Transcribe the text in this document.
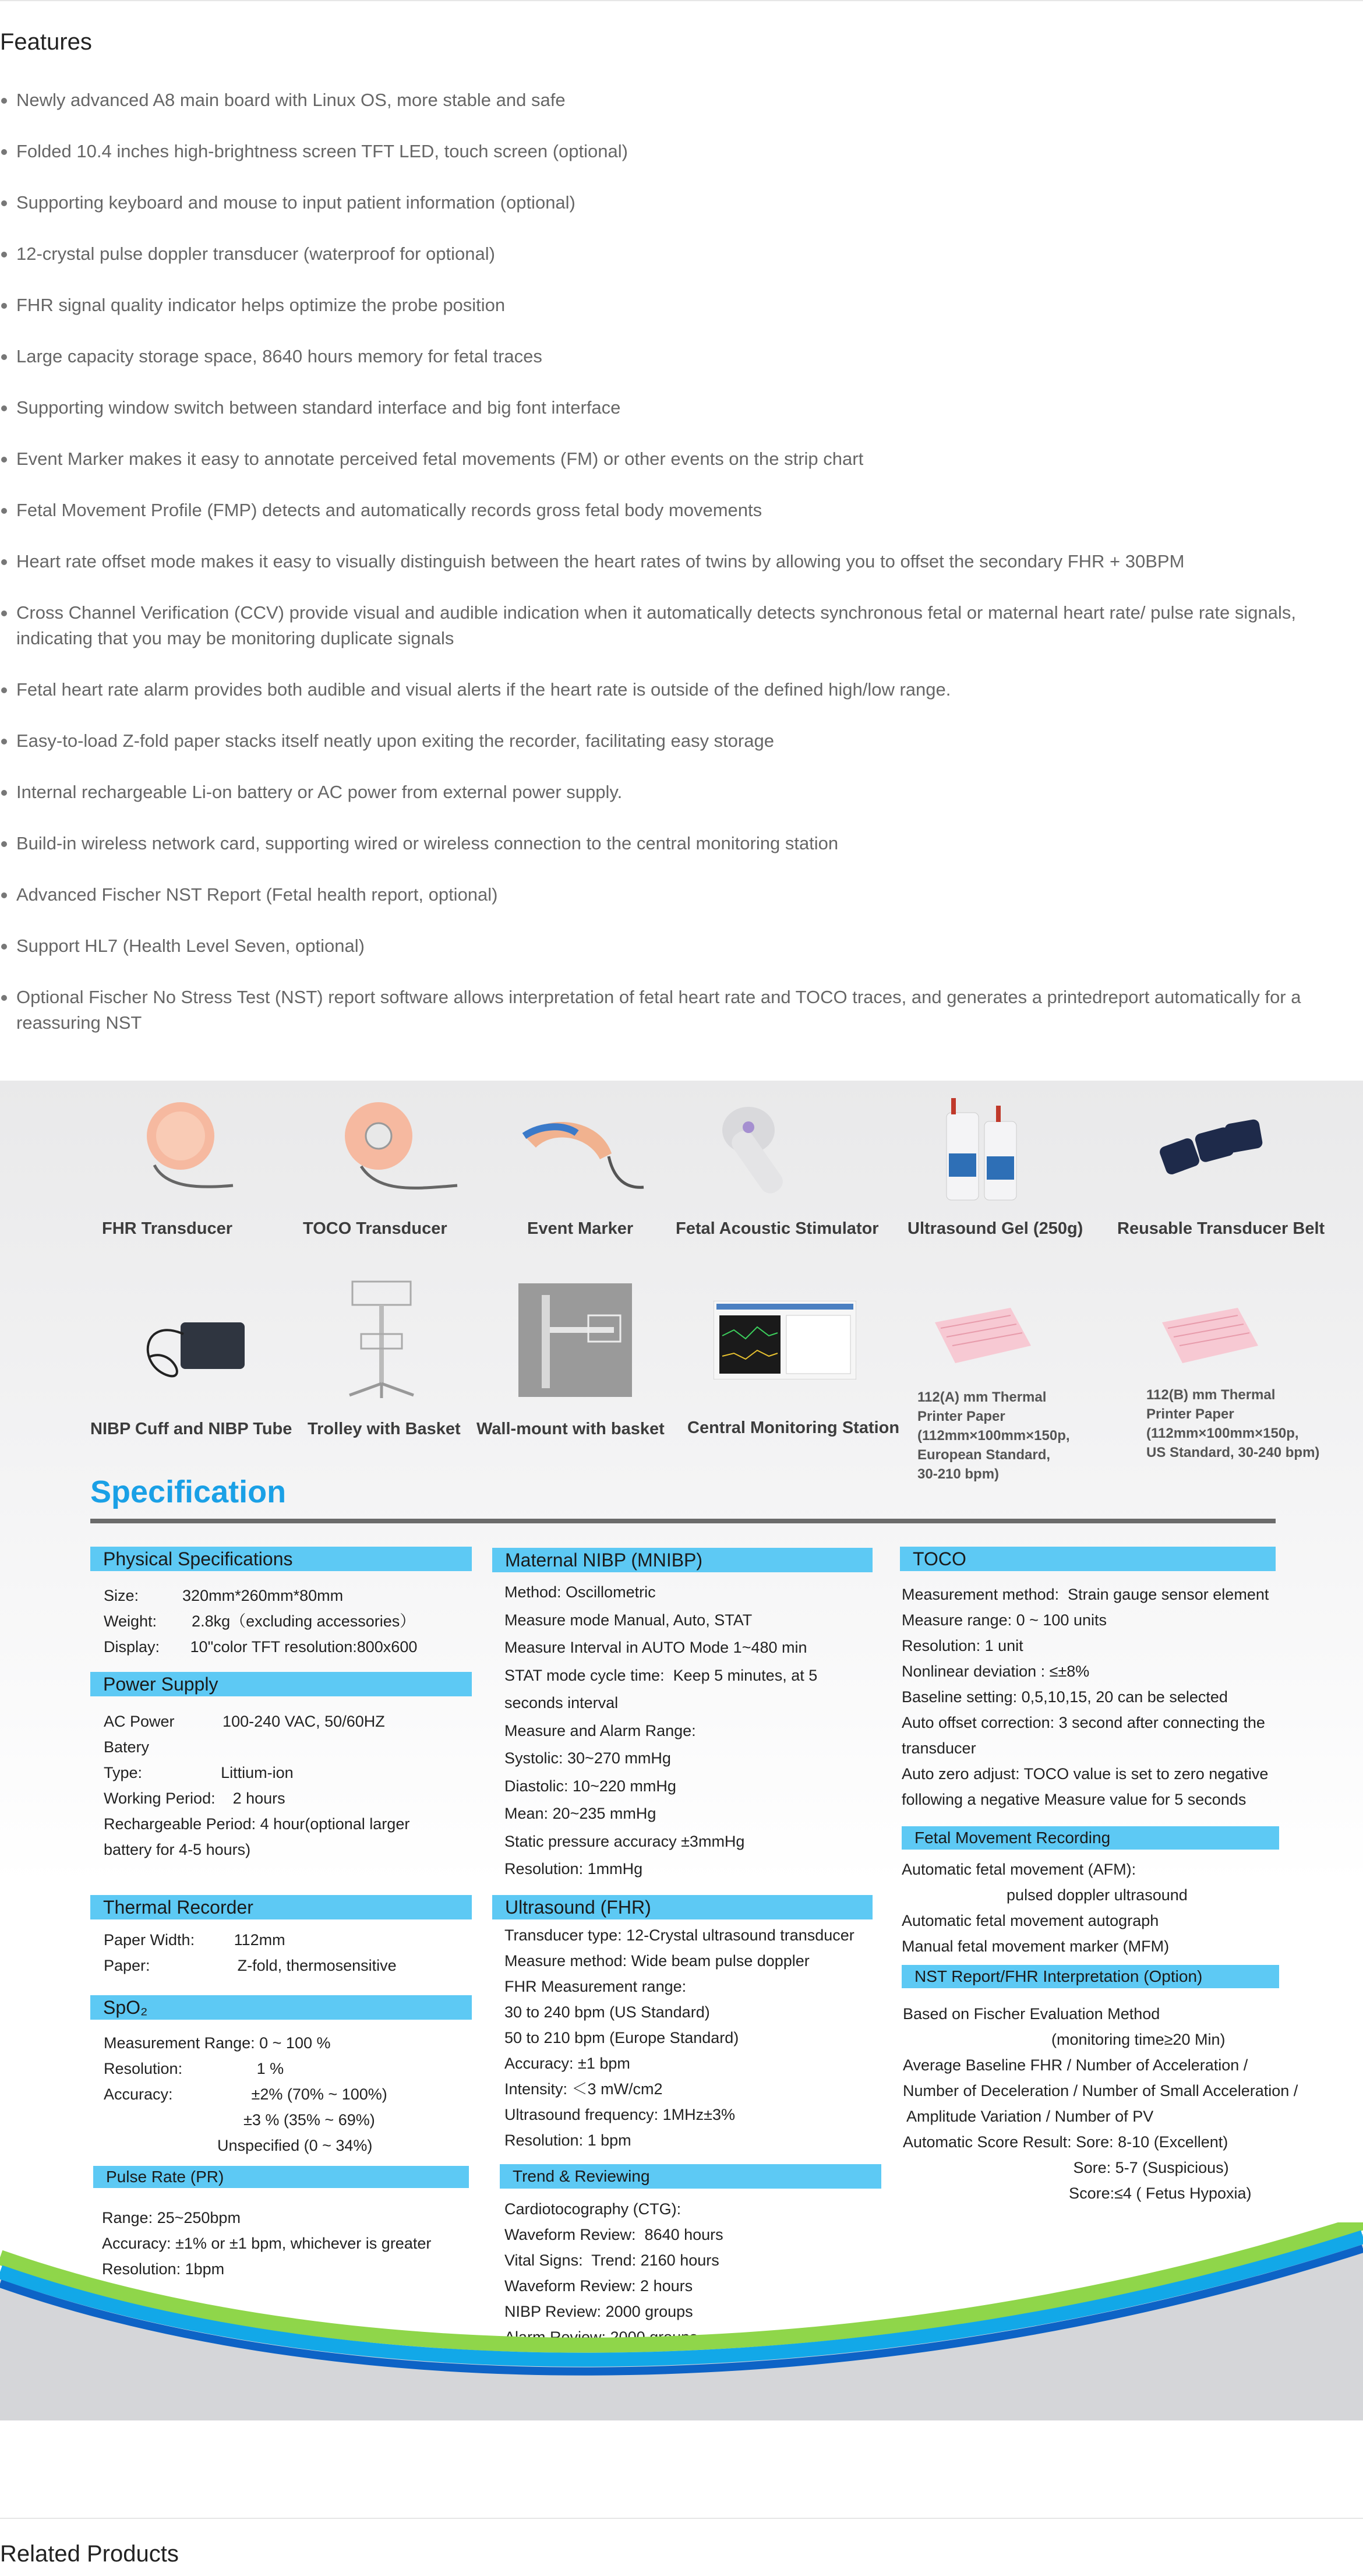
Features
Newly advanced A8 main board with Linux OS, more stable and safe
Folded 10.4 inches high-brightness screen TFT LED, touch screen (optional)
Supporting keyboard and mouse to input patient information (optional)
12-crystal pulse doppler transducer (waterproof for optional)
FHR signal quality indicator helps optimize the probe position
Large capacity storage space, 8640 hours memory for fetal traces
Supporting window switch between standard interface and big font interface
Event Marker makes it easy to annotate perceived fetal movements (FM) or other events on the strip chart
Fetal Movement Profile (FMP) detects and automatically records gross fetal body movements
Heart rate offset mode makes it easy to visually distinguish between the heart rates of twins by allowing you to offset the secondary FHR + 30BPM
Cross Channel Verification (CCV) provide visual and audible indication when it automatically detects synchronous fetal or maternal heart rate/ pulse rate signals, indicating that you may be monitoring duplicate signals
Fetal heart rate alarm provides both audible and visual alerts if the heart rate is outside of the defined high/low range.
Easy-to-load Z-fold paper stacks itself neatly upon exiting the recorder, facilitating easy storage
Internal rechargeable Li-on battery or AC power from external power supply.
Build-in wireless network card, supporting wired or wireless connection to the central monitoring station
Advanced Fischer NST Report (Fetal health report, optional)
Support HL7 (Health Level Seven, optional)
Optional Fischer No Stress Test (NST) report software allows interpretation of fetal heart rate and TOCO traces, and generates a printedreport automatically for a reassuring NST
FHR Transducer	TOCO Transducer	Event Marker	Fetal Acoustic Stimulator Ultrasound Gel (250g) Reusable Transducer Belt
NIBP Cuff and NIBP Tube Trolley with Basket Wall-mount with basket Central Monitoring Station
112(A) mm Thermal
Printer Paper
(112mm×100mm×150p,
European Standard,
30-210 bpm)
112(B) mm Thermal
Printer Paper
(112mm×100mm×150p,
US Standard, 30-240 bpm)
Specification
Physical Specifications
Size:          320mm*260mm*80mm
Weight:        2.8kg（excluding accessories）
Display:       10"color TFT resolution:800x600
Power Supply
AC Power           100-240 VAC, 50/60HZ
Batery
Type:                  Littium-ion
Working Period:    2 hours
Rechargeable Period: 4 hour(optional larger
battery for 4-5 hours)
Thermal Recorder
Paper Width:         112mm
Paper:                    Z-fold, thermosensitive
SpO₂
Measurement Range: 0 ~ 100 %
Resolution:                 1 %
Accuracy:                  ±2% (70% ~ 100%)
±3 % (35% ~ 69%)
Unspecified (0 ~ 34%)
Pulse Rate (PR)
Range: 25~250bpm
Accuracy: ±1% or ±1 bpm, whichever is greater
Resolution: 1bpm
Maternal NIBP (MNIBP)
Method: Oscillometric
Measure mode Manual, Auto, STAT
Measure Interval in AUTO Mode 1~480 min
STAT mode cycle time:  Keep 5 minutes, at 5
seconds interval
Measure and Alarm Range:
Systolic: 30~270 mmHg
Diastolic: 10~220 mmHg
Mean: 20~235 mmHg
Static pressure accuracy ±3mmHg
Resolution: 1mmHg
Ultrasound (FHR)
Transducer type: 12-Crystal ultrasound transducer
Measure method: Wide beam pulse doppler
FHR Measurement range:
30 to 240 bpm (US Standard)
50 to 210 bpm (Europe Standard)
Accuracy: ±1 bpm
Intensity: ＜3 mW/cm2
Ultrasound frequency: 1MHz±3%
Resolution: 1 bpm
Trend & Reviewing
Cardiotocography (CTG):
Waveform Review:  8640 hours
Vital Signs:  Trend: 2160 hours
Waveform Review: 2 hours
NIBP Review: 2000 groups
Alarm Review: 2000 groups
TOCO
Measurement method:  Strain gauge sensor element
Measure range: 0 ~ 100 units
Resolution: 1 unit
Nonlinear deviation : ≤±8%
Baseline setting: 0,5,10,15, 20 can be selected
Auto offset correction: 3 second after connecting the
transducer
Auto zero adjust: TOCO value is set to zero negative
following a negative Measure value for 5 seconds
Fetal Movement Recording
Automatic fetal movement (AFM):
pulsed doppler ultrasound
Automatic fetal movement autograph
Manual fetal movement marker (MFM)
NST Report/FHR Interpretation (Option)
Based on Fischer Evaluation Method
(monitoring time≥20 Min)
Average Baseline FHR / Number of Acceleration /
Number of Deceleration / Number of Small Acceleration /
Amplitude Variation / Number of PV
Automatic Score Result: Sore: 8-10 (Excellent)
Sore: 5-7 (Suspicious)
Score:≤4 ( Fetus Hypoxia)
Related Products
